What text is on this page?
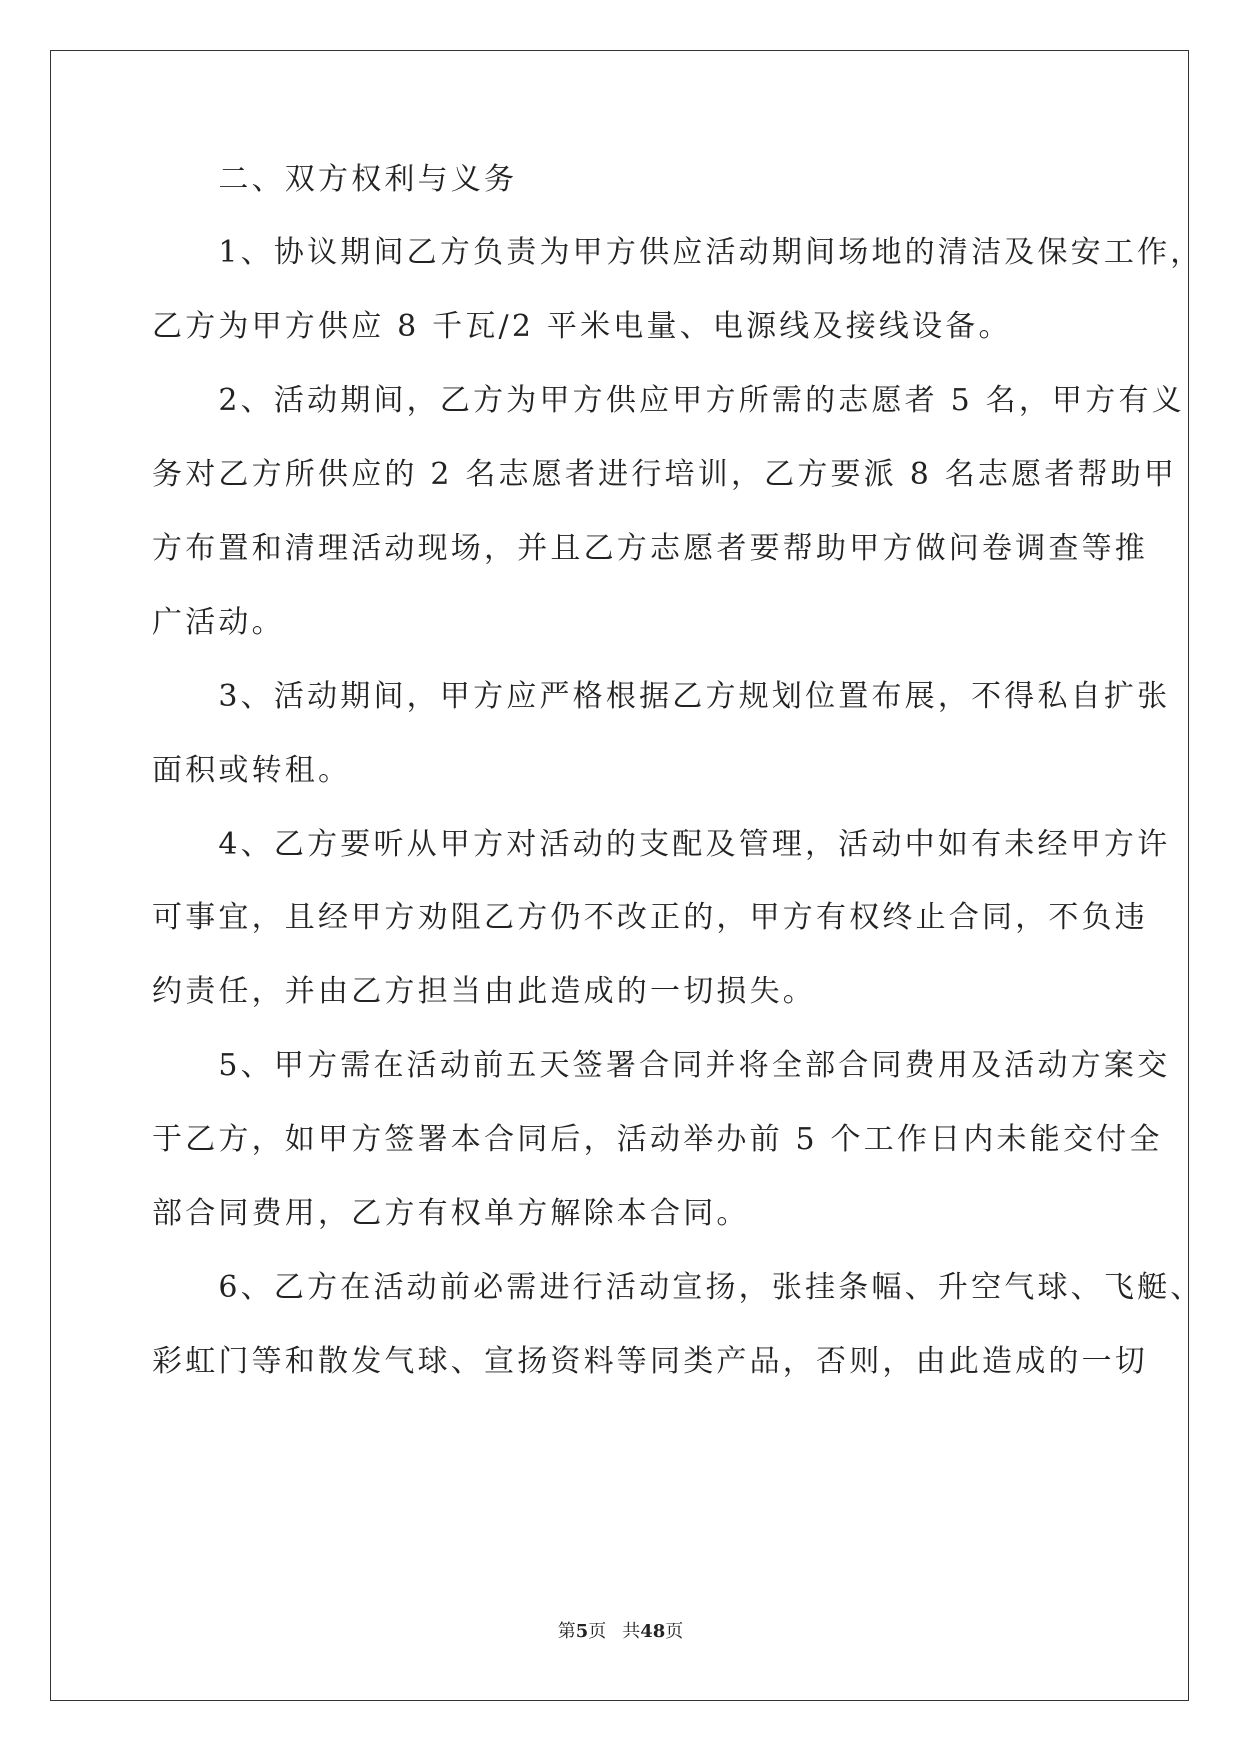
　　二、双方权利与义务
　　1、协议期间乙方负责为甲方供应活动期间场地的清洁及保安工作，
乙方为甲方供应 8 千瓦/2 平米电量、电源线及接线设备。
　　2、活动期间，乙方为甲方供应甲方所需的志愿者 5 名，甲方有义
务对乙方所供应的 2 名志愿者进行培训，乙方要派 8 名志愿者帮助甲
方布置和清理活动现场，并且乙方志愿者要帮助甲方做问卷调查等推
广活动。
　　3、活动期间，甲方应严格根据乙方规划位置布展，不得私自扩张
面积或转租。
　　4、乙方要听从甲方对活动的支配及管理，活动中如有未经甲方许
可事宜，且经甲方劝阻乙方仍不改正的，甲方有权终止合同，不负违
约责任，并由乙方担当由此造成的一切损失。
　　5、甲方需在活动前五天签署合同并将全部合同费用及活动方案交
于乙方，如甲方签署本合同后，活动举办前 5 个工作日内未能交付全
部合同费用，乙方有权单方解除本合同。
　　6、乙方在活动前必需进行活动宣扬，张挂条幅、升空气球、飞艇、
彩虹门等和散发气球、宣扬资料等同类产品，否则，由此造成的一切
第5页 共48页
